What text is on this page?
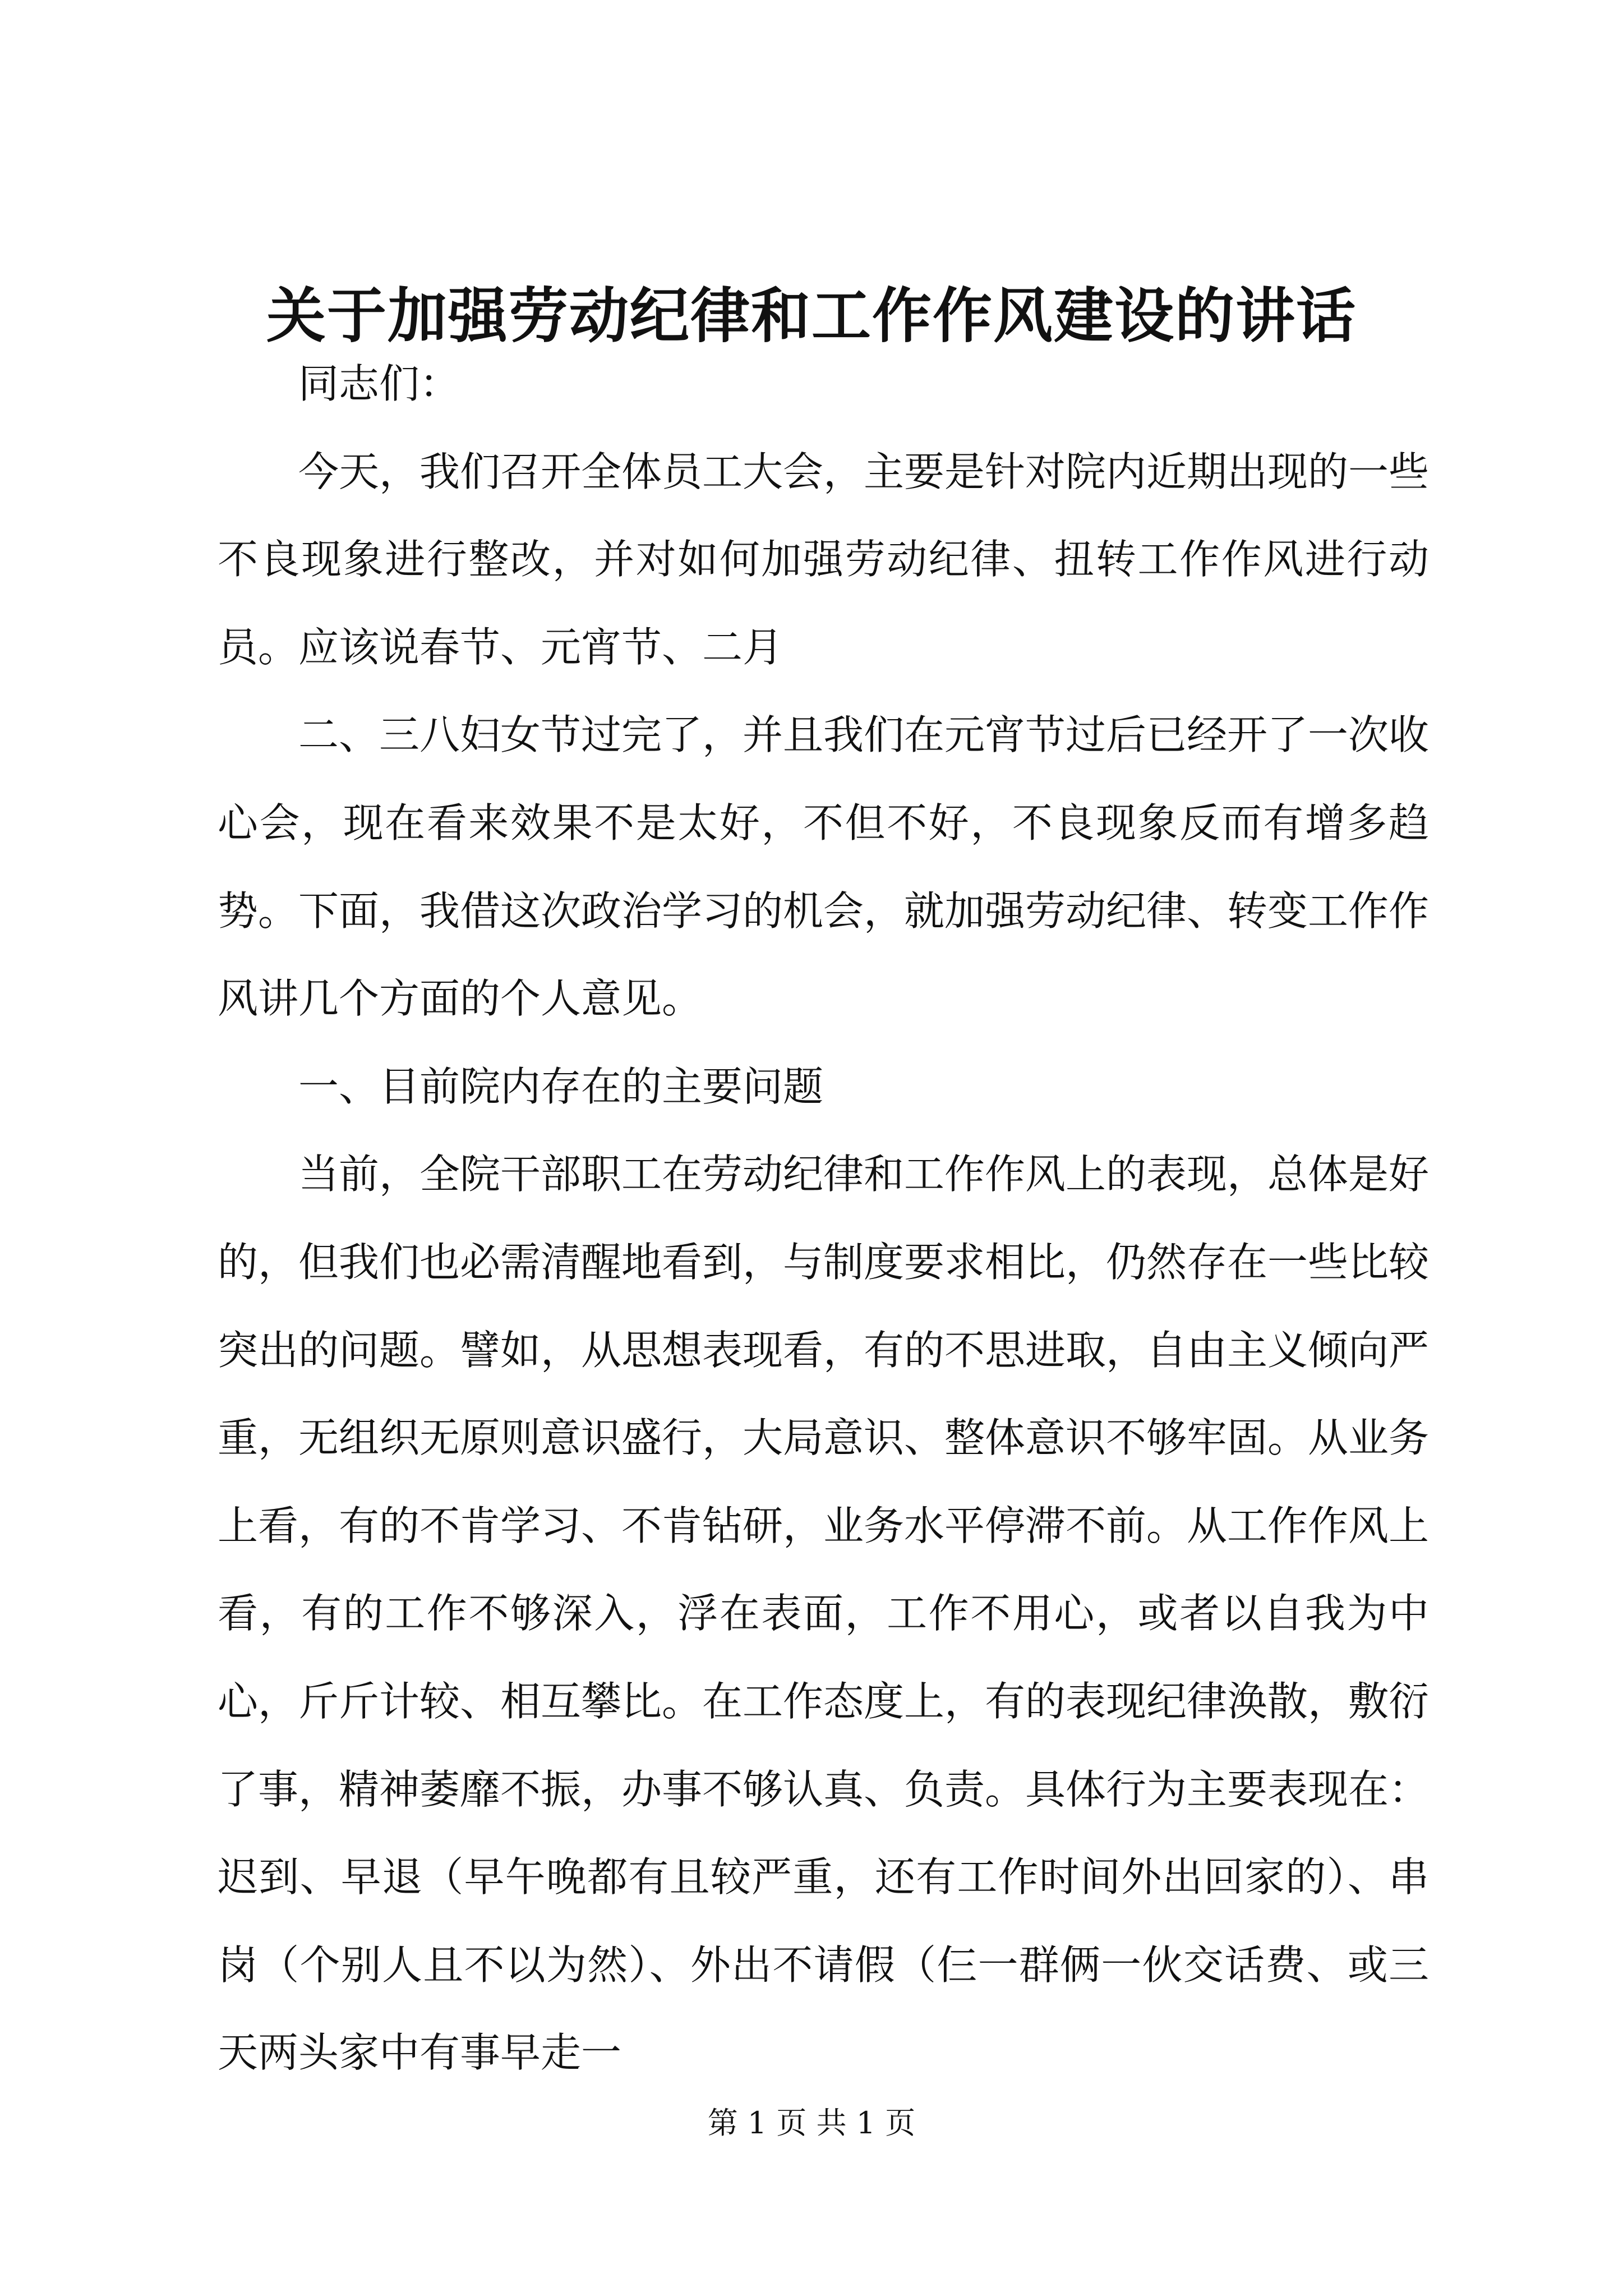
关于加强劳动纪律和工作作风建设的讲话

同志们：

今天，我们召开全体员工大会，主要是针对院内近期出现的一些不良现象进行整改，并对如何加强劳动纪律、扭转工作作风进行动员。应该说春节、元宵节、二月

二、三八妇女节过完了，并且我们在元宵节过后已经开了一次收心会，现在看来效果不是太好，不但不好，不良现象反而有增多趋势。下面，我借这次政治学习的机会，就加强劳动纪律、转变工作作风讲几个方面的个人意见。

一、目前院内存在的主要问题

当前，全院干部职工在劳动纪律和工作作风上的表现，总体是好的，但我们也必需清醒地看到，与制度要求相比，仍然存在一些比较突出的问题。譬如，从思想表现看，有的不思进取，自由主义倾向严重，无组织无原则意识盛行，大局意识、整体意识不够牢固。从业务上看，有的不肯学习、不肯钻研，业务水平停滞不前。从工作作风上看，有的工作不够深入，浮在表面，工作不用心，或者以自我为中心，斤斤计较、相互攀比。在工作态度上，有的表现纪律涣散，敷衍了事，精神萎靡不振，办事不够认真、负责。具体行为主要表现在：迟到、早退（早午晚都有且较严重，还有工作时间外出回家的）、串岗（个别人且不以为然）、外出不请假（仨一群俩一伙交话费、或三天两头家中有事早走一

第 1 页 共 1 页
